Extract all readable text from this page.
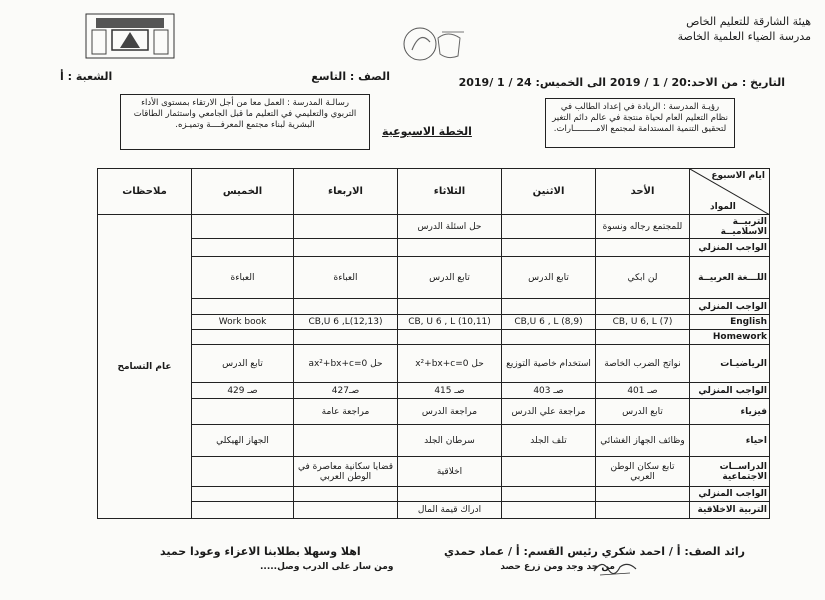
هيئة الشارقة للتعليم الخاص
مدرسة الضياء العلمية الخاصة
التاريخ : من الاحد:20 / 1 / 2019 الى الخميس: 24 / 1 /2019
الصف : التاسع
الشعبة : أ
رؤيـة المدرسة : الريادة في إعداد الطالب في نظام التعليم العام لحياة منتجة في عالم دائم التغير لتحقيق التنمية المستدامة لمجتمع الامـــــــــارات.
رسالـة المدرسة : العمل معا من أجل الارتقاء بمستوى الأداء التربوي والتعليمي في التعليم ما قبل الجامعي واستثمار الطاقات البشرية لبناء مجتمع المعرفــــة وتميـزه.	الخطة الاسبوعية
ايام الاسبوع
المواد	الأحد	الاثنين	الثلاثاء	الاربعاء	الخميس	ملاحظات
التربيــة الاسلاميــة	للمجتمع رجاله ونسوة		حل اسئلة الدرس			عام التسامح
الواجب المنزلي						
اللـــغة العربيــة	لن ابكي	تابع الدرس	تابع الدرس	العباءة	العباءة	
الواجب المنزلي						
English	CB, U 6, L (7)	CB,U 6 , L (8,9)	CB, U 6 , L (10,11)	CB,U 6 ,L(12,13)	Work book	
Homework						
الرياضيـات	نواتج الضرب الخاصة	استخدام خاصية التوزيع	حل x²+bx+c=0	حل ax²+bx+c=0	تابع الدرس	
الواجب المنزلي	صـ 401	صـ 403	صـ 415	صـ427	صـ 429	
فيزياء	تابع الدرس	مراجعة علي الدرس	مراجعة الدرس	مراجعة عامة		
احياء	وظائف الجهاز الغشائي	تلف الجلد	سرطان الجلد		الجهاز الهيكلي	
الدراســات الاجتماعية	تابع سكان الوطن العربي		اخلاقية	قضايا سكانية معاصرة في الوطن العربي		
الواجب المنزلي						
التربية الاخلاقية			ادراك قيمة المال			
رائد الصف: أ / احمد شكري رئيس القسم: أ / عماد حمدي
اهلا وسهلا بطلابنا الاعزاء وعودا حميد
من جد وجد ومن زرع حصد
ومن سار على الدرب وصل.....
